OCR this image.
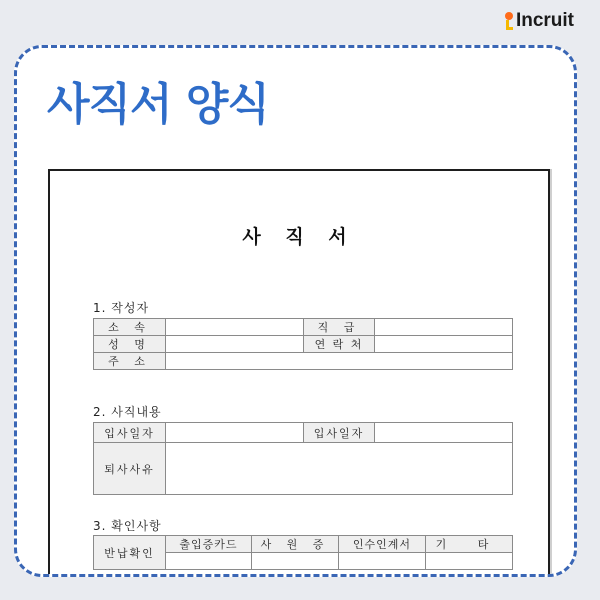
Incruit
사직서 양식
사 직 서
1. 작성자
소 속		직 급	
성 명		연 락 처	
주 소			
2. 사직내용
입사일자		입사일자	
퇴사사유			
3. 확인사항
반납확인	출입증카드	사 원 증	인수인계서	기 타
